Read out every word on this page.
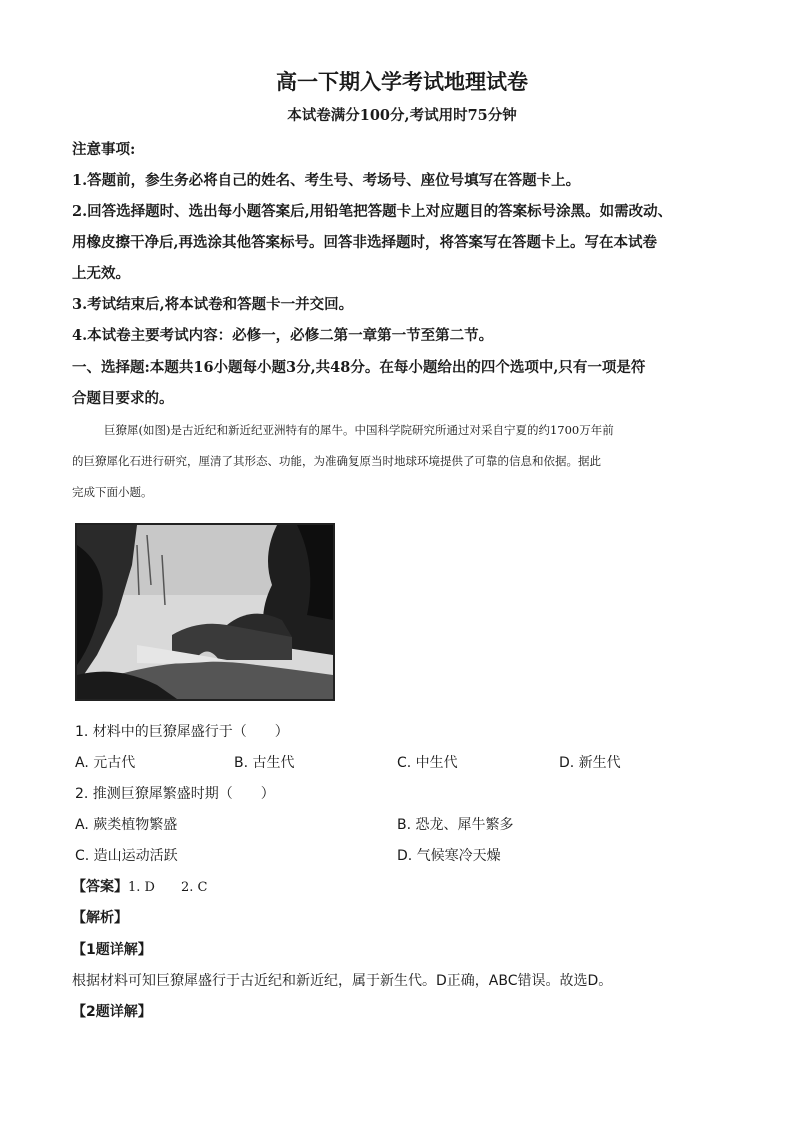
高一下期入学考试地理试卷
本试卷满分100分,考试用时75分钟
注意事项:
1.答题前，参生务必将自己的姓名、考生号、考场号、座位号填写在答题卡上。
2.回答选择题时、选出每小题答案后,用铅笔把答题卡上对应题目的答案标号涂黑。如需改动、
用橡皮擦干净后,再选涂其他答案标号。回答非选择题时，将答案写在答题卡上。写在本试卷
上无效。
3.考试结束后,将本试卷和答题卡一并交回。
4.本试卷主要考试内容：必修一，必修二第一章第一节至第二节。
一、选择题:本题共16小题每小题3分,共48分。在每小题给出的四个选项中,只有一项是符
合题目要求的。
巨獠犀(如图)是古近纪和新近纪亚洲特有的犀牛。中国科学院研究所通过对采自宁夏的约1700万年前
的巨獠犀化石进行研究，厘清了其形态、功能，为准确复原当时地球环境提供了可靠的信息和依据。据此
完成下面小题。
1. 材料中的巨獠犀盛行于（　　）
A. 元古代	B. 古生代	C. 中生代	D. 新生代
2. 推测巨獠犀繁盛时期（　　）
A. 蕨类植物繁盛	B. 恐龙、犀牛繁多
C. 造山运动活跃	D. 气候寒冷天燥
【答案】1. D　　2. C
【解析】
【1题详解】
根据材料可知巨獠犀盛行于古近纪和新近纪，属于新生代。D正确，ABC错误。故选D。
【2题详解】
